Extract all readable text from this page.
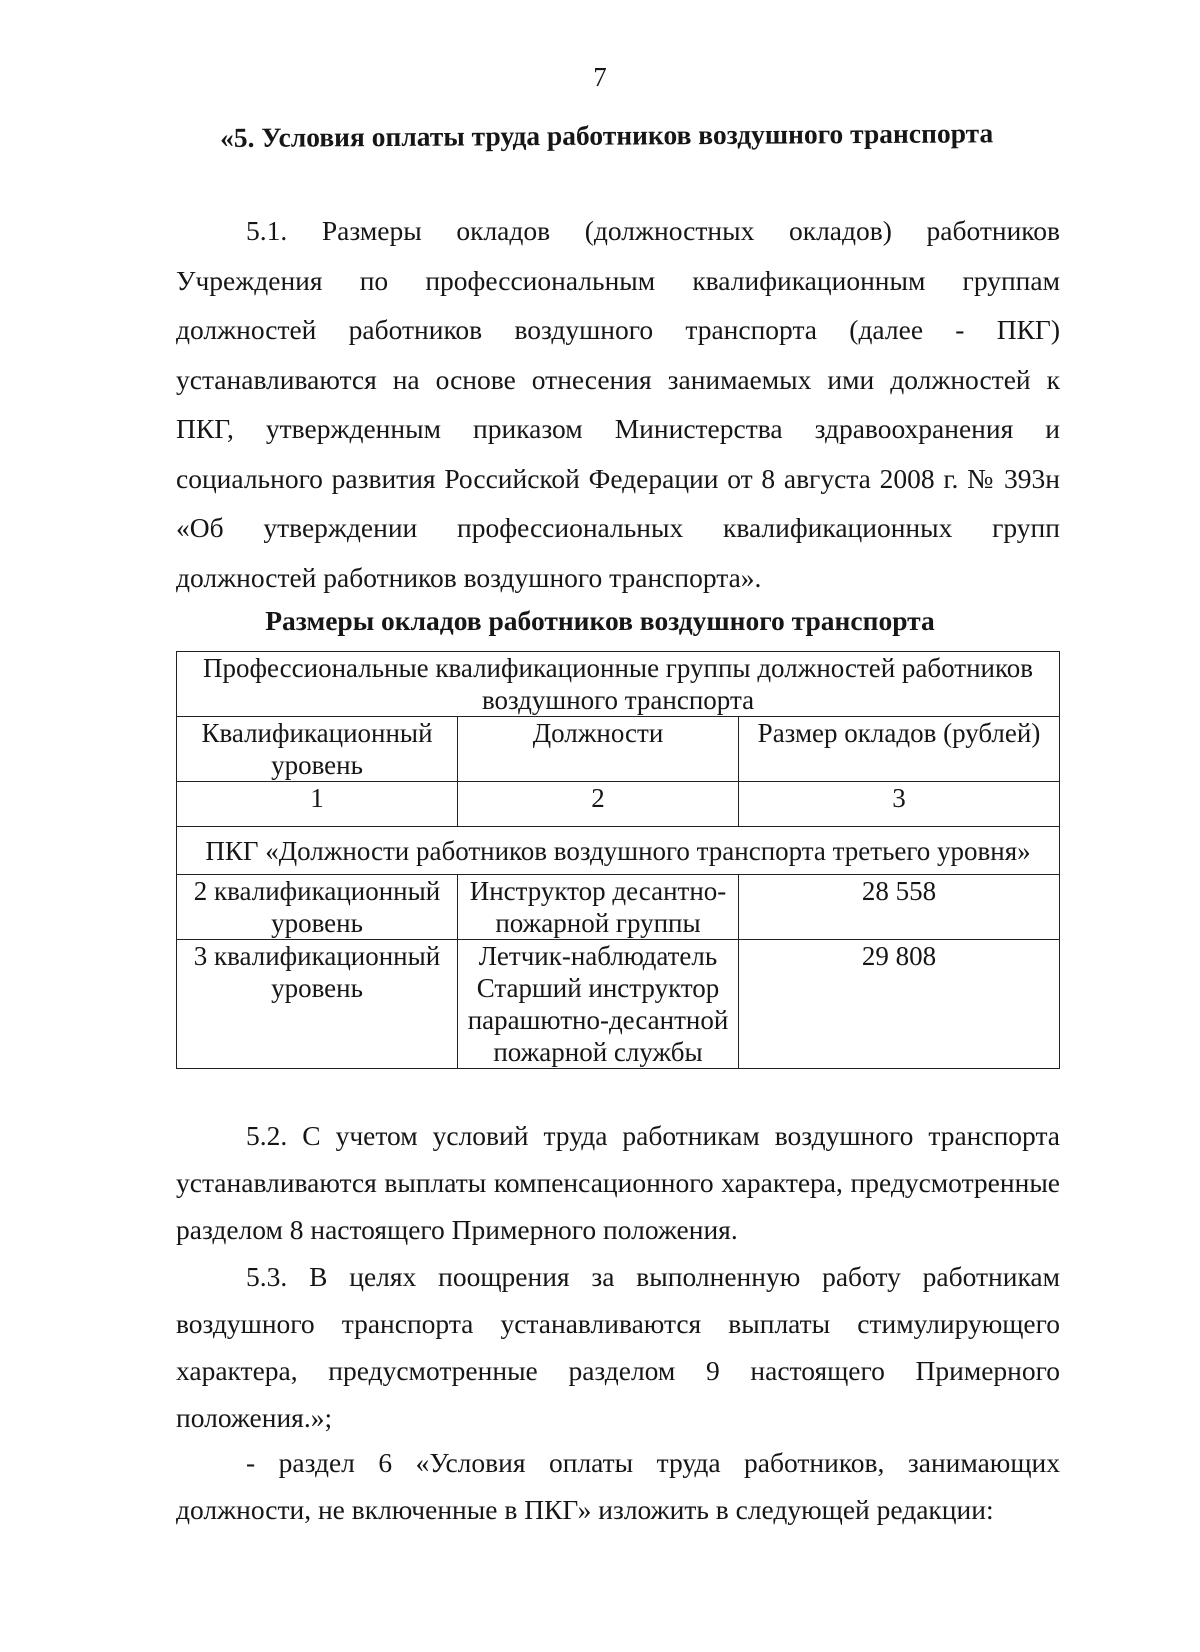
7
«5. Условия оплаты труда работников воздушного транспорта
5.1. Размеры окладов (должностных окладов) работников Учреждения по профессиональным квалификационным группам должностей работников воздушного транспорта (далее - ПКГ) устанавливаются на основе отнесения занимаемых ими должностей к ПКГ, утвержденным приказом Министерства здравоохранения и социального развития Российской Федерации от 8 августа 2008 г. № 393н «Об утверждении профессиональных квалификационных групп должностей работников воздушного транспорта».
Размеры окладов работников воздушного транспорта
Профессиональные квалификационные группы должностей работников воздушного транспорта		
Квалификационный уровень	Должности	Размер окладов (рублей)
1	2	3
ПКГ «Должности работников воздушного транспорта третьего уровня»		
2 квалификационный уровень	Инструктор десантно-пожарной группы	28 558
3 квалификационный уровень	Летчик-наблюдатель Старший инструктор парашютно-десантной пожарной службы	29 808
5.2. С учетом условий труда работникам воздушного транспорта устанавливаются выплаты компенсационного характера, предусмотренные разделом 8 настоящего Примерного положения.
5.3. В целях поощрения за выполненную работу работникам воздушного транспорта устанавливаются выплаты стимулирующего характера, предусмотренные разделом 9 настоящего Примерного положения.»;
- раздел 6 «Условия оплаты труда работников, занимающих должности, не включенные в ПКГ» изложить в следующей редакции:
